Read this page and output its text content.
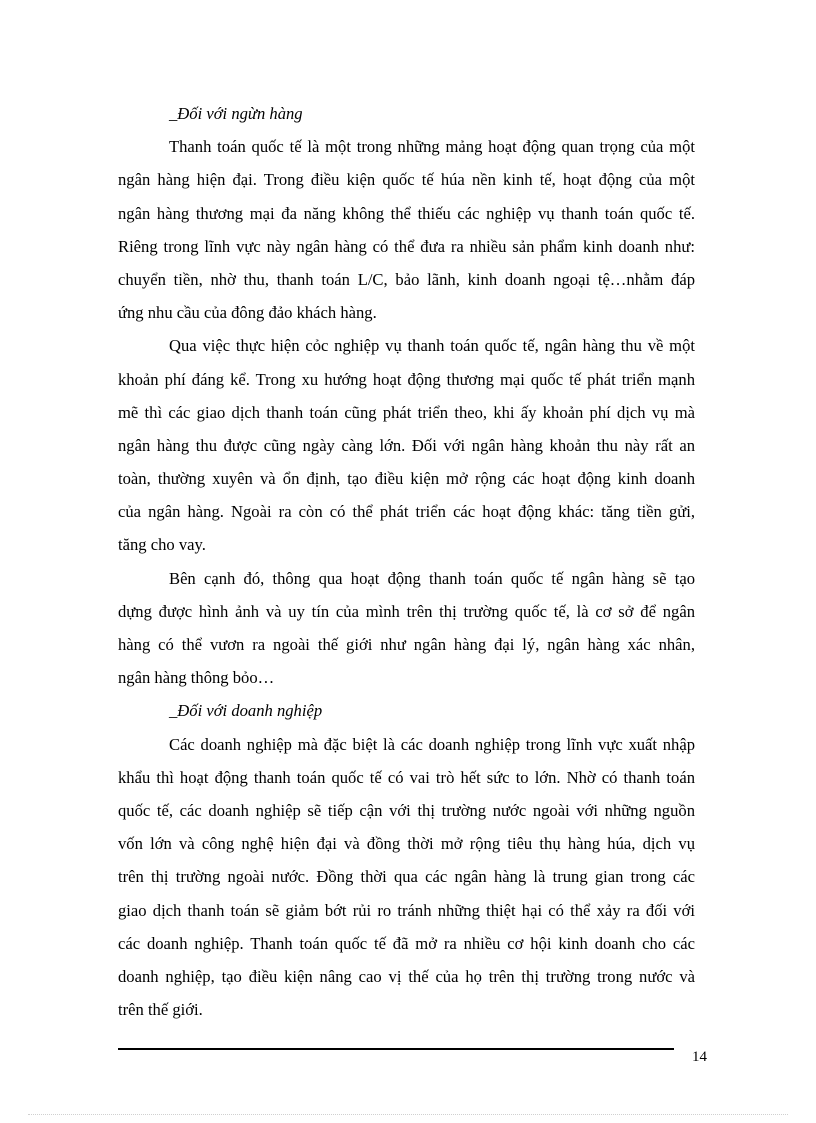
_Đối với ngừn hàng
Thanh toán quốc tế là một trong những mảng hoạt động quan trọng của một
ngân hàng hiện đại. Trong điều kiện quốc tế húa nền kinh tế, hoạt động của một
ngân hàng thương mại đa năng không thể thiếu các nghiệp vụ thanh toán quốc tế.
Riêng trong lĩnh vực này ngân hàng có thể đưa ra nhiều sản phẩm kinh doanh như:
chuyển tiền, nhờ thu, thanh toán L/C, bảo lãnh, kinh doanh ngoại tệ…nhằm đáp
ứng nhu cầu của đông đảo khách hàng.
Qua việc thực hiện cỏc nghiệp vụ thanh toán quốc tế, ngân hàng thu về một
khoản phí đáng kể. Trong xu hướng hoạt động thương mại quốc tế phát triển mạnh
mẽ thì các giao dịch thanh toán cũng phát triển theo, khi ấy khoản phí dịch vụ mà
ngân hàng thu được cũng ngày càng lớn. Đối với ngân hàng khoản thu này rất an
toàn, thường xuyên và ổn định, tạo điều kiện mở rộng các hoạt động kinh doanh
của ngân hàng. Ngoài ra còn có thể phát triển các hoạt động khác: tăng tiền gửi,
tăng cho vay.
Bên cạnh đó, thông qua hoạt động thanh toán quốc tế ngân hàng sẽ tạo
dựng được hình ảnh và uy tín của mình trên thị trường quốc tế, là cơ sở để ngân
hàng có thể vươn ra ngoài thế giới như ngân hàng đại lý, ngân hàng xác nhân,
ngân hàng thông bỏo…
_Đối với doanh nghiệp
Các doanh nghiệp mà đặc biệt là các doanh nghiệp trong lĩnh vực xuất nhập
khẩu thì hoạt động thanh toán quốc tế có vai trò hết sức to lớn. Nhờ có thanh toán
quốc tế, các doanh nghiệp sẽ tiếp cận với thị trường nước ngoài với những nguồn
vốn lớn và công nghệ hiện đại và đồng thời mở rộng tiêu thụ hàng húa, dịch vụ
trên thị trường ngoài nước. Đồng thời qua các ngân hàng là trung gian trong các
giao dịch thanh toán sẽ giảm bớt rủi ro tránh những thiệt hại có thể xảy ra đối với
các doanh nghiệp. Thanh toán quốc tế đã mở ra nhiều cơ hội kinh doanh cho các
doanh nghiệp, tạo điều kiện nâng cao vị thế của họ trên thị trường trong nước và
trên thế giới.
14
